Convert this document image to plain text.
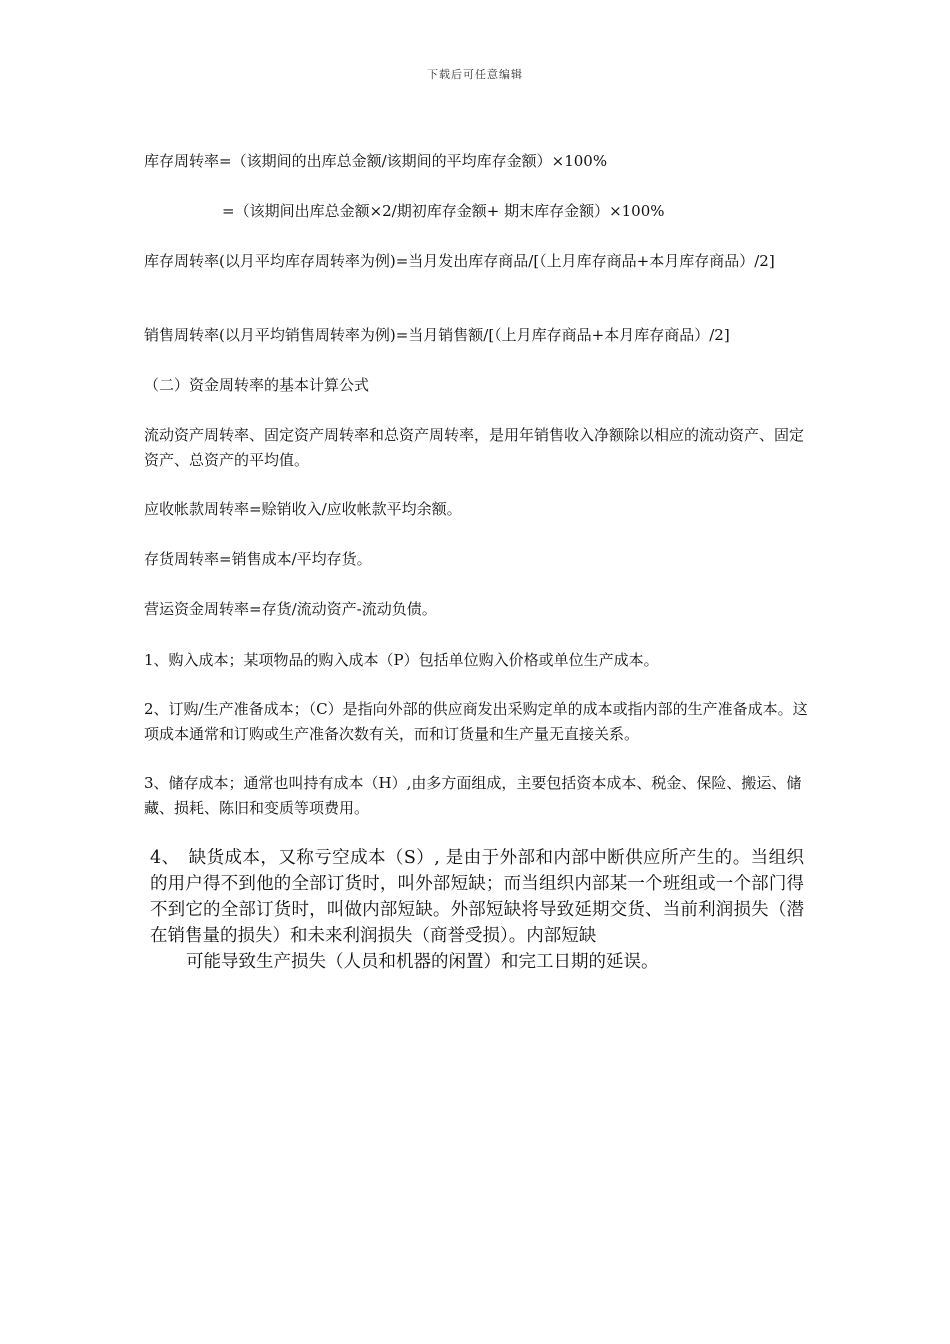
下载后可任意编辑

库存周转率=（该期间的出库总金额/该期间的平均库存金额）×100%

=（该期间出库总金额×2/期初库存金额+ 期末库存金额）×100%

库存周转率(以月平均库存周转率为例)=当月发出库存商品/[（上月库存商品+本月库存商品）/2]

销售周转率(以月平均销售周转率为例)=当月销售额/[（上月库存商品+本月库存商品）/2]

（二）资金周转率的基本计算公式

流动资产周转率、固定资产周转率和总资产周转率，是用年销售收入净额除以相应的流动资产、固定资产、总资产的平均值。

应收帐款周转率=赊销收入/应收帐款平均余额。

存货周转率=销售成本/平均存货。

营运资金周转率=存货/流动资产-流动负债。

1、购入成本；某项物品的购入成本（P）包括单位购入价格或单位生产成本。

2、订购/生产准备成本；（C）是指向外部的供应商发出采购定单的成本或指内部的生产准备成本。这项成本通常和订购或生产准备次数有关，而和订货量和生产量无直接关系。

3、储存成本；通常也叫持有成本（H）,由多方面组成，主要包括资本成本、税金、保险、搬运、储藏、损耗、陈旧和变质等项费用。

4、　缺货成本，又称亏空成本（S）, 是由于外部和内部中断供应所产生的。当组织的用户得不到他的全部订货时，叫外部短缺；而当组织内部某一个班组或一个部门得不到它的全部订货时，叫做内部短缺。外部短缺将导致延期交货、当前利润损失（潜在销售量的损失）和未来利润损失（商誉受损）。内部短缺
可能导致生产损失（人员和机器的闲置）和完工日期的延误。
